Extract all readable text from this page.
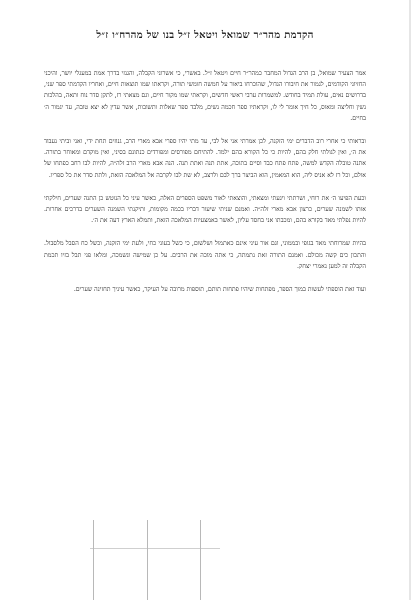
הקדמת מהר״ר שמואל ויטאל ז״ל בנו של מהרח״ו ז״ל

אמר הצעיר שמואל, בן הרב הגדול המחבר כמהר״ר חיים ויטאל ז״ל. באשרי, כי אשרוני הקבלה, והגנזי בדרך אמת במעגלי יושר, והיכני החזיוני הקודמים, לגמור את חיבורו הגדול, שהוכרחו ביאור על חמשה חומשי תורה, וקראתו שמו תוצאות חיים, ואחריו הקדמתי ספר שני, בדרושים נאים, עולת תמיד בחודש. למשמרות ערבי ראשי חדשים, וקראתי שמו מקור חיים, וגם מצאתי רז, לתקן סדר נוח ותאה, בהלכות נשין וחליצה ומאוס, כל חיך אומר לי לו, וקראתיו ספר חכמה נשים, מלבד ספר שאלות ותשובות, אשר עדין לא יצא טובה, עד יגמור ה׳ בחיים.

ובראותי כי אחרי רוב הדברים ימי הזקנה, לכן אמרתי אני אל לבי, עד מתי יהיו ספרי אבא מארי הרב, גנוזים תחת ידי, ואני וביתי נעבוד את ה׳, ואין לגולתי חלק בהם, להיות כי כל הקורא בהם ילמד. להתיחם מפורסים ומפורדים כנתונם בסיני, ואין מוקדם ומאוחר בתורה. אתנה טובלה הקדש למשה, פתח פתח כבד וסיים בתוכה, אתת תנה ואתת תנה. הנה אבא מארי הרב זלה״ה, להיות לבו רחב כפתחו של אולם, וכל רז לא אניס ליה, הוא המאמין, הוא הביצר ברך לבם ולרצב, לא שת לבו לקרבה אל המלאכה הזאת, ולתת סדר את כל ספריו.

וכעת הפיעו ה׳ את רוחי, ושרתתי ויגעתי ומצאתי, והוצאתי לאור משפט הספרים האלה, כאשר עיני כל הנוטש כן התנה שערים, חילקתי אותו לשמנה שערים, כרצון אבא מארי זלה״ה. ואמנם שניתי שיעור דבריו בכמה מקומות, ותיקנתי השמנה השערים בדרכים אחרות. להיות נפלתי מאד בקורא בהם, ומכבתו אני בחסד עליון, לאשר באמצעיות המלאכה הזאת, ותמלא הארץ דעה את ה׳.

בהיות שמרוחתי מאד בגופי ובממוני, וגם אור עיני אינם כאתמול ושלשום, כי כשל בעוני כחי, ולעת ימי הזקנה, וכשל כח הסבל מלסבול. והתכון כים קשה מכולם. ואמנם התורה זאת נתמתה, כי אתה מוכה את הרבים. על כן שמישה ונשמכה, ומלאו פני תבל בזיו תכמת הקבלה זה למען נאמרי יצחק.

ועוד זאת הוספתי לעשות במוך הספר, מפתחות שיהיו פתחות תותם, תוספות מרובה על העיקר, כאשר עיניך תחזינה שערים.
